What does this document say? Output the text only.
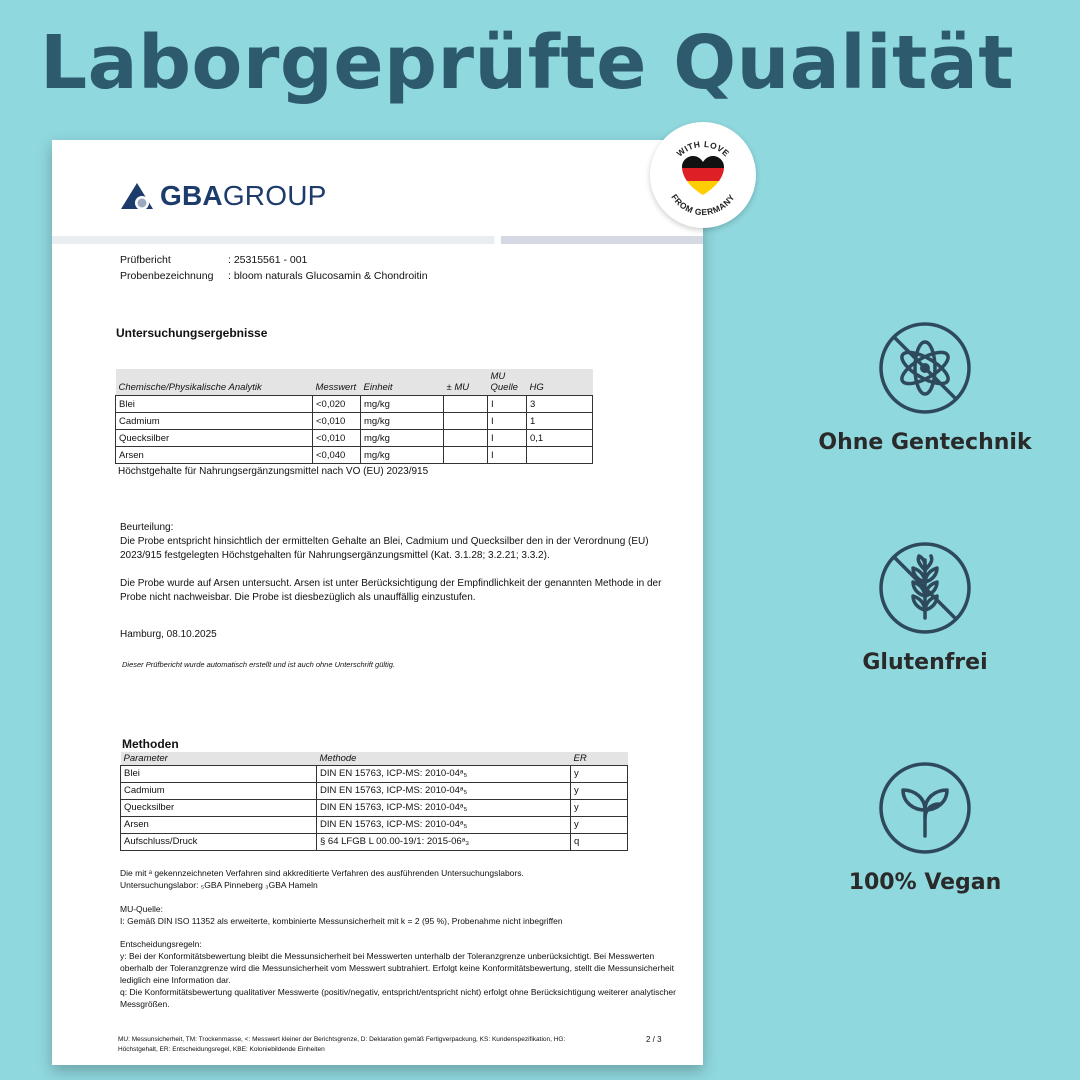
Laborgeprüfte Qualität
GBAGROUP
Prüfbericht	: 25315561 - 001
Probenbezeichnung	: bloom naturals Glucosamin & Chondroitin
Untersuchungsergebnisse
Chemische/Physikalische Analytik	Messwert	Einheit	± MU	MU Quelle	HG
Blei	<0,020	mg/kg		I	3
Cadmium	<0,010	mg/kg		I	1
Quecksilber	<0,010	mg/kg		I	0,1
Arsen	<0,040	mg/kg		I	
Höchstgehalte für Nahrungsergänzungsmittel nach VO (EU) 2023/915
Beurteilung:
Die Probe entspricht hinsichtlich der ermittelten Gehalte an Blei, Cadmium und Quecksilber den in der Verordnung (EU) 2023/915 festgelegten Höchstgehalten für Nahrungsergänzungsmittel (Kat. 3.1.28; 3.2.21; 3.3.2).
Die Probe wurde auf Arsen untersucht. Arsen ist unter Berücksichtigung der Empfindlichkeit der genannten Methode in der Probe nicht nachweisbar. Die Probe ist diesbezüglich als unauffällig einzustufen.
Hamburg, 08.10.2025
Dieser Prüfbericht wurde automatisch erstellt und ist auch ohne Unterschrift gültig.
Methoden
Parameter	Methode	ER
Blei	DIN EN 15763, ICP-MS: 2010-04ᵃ₅	y
Cadmium	DIN EN 15763, ICP-MS: 2010-04ᵃ₅	y
Quecksilber	DIN EN 15763, ICP-MS: 2010-04ᵃ₅	y
Arsen	DIN EN 15763, ICP-MS: 2010-04ᵃ₅	y
Aufschluss/Druck	§ 64 LFGB L 00.00-19/1: 2015-06ᵃ₃	q
Die mit ᵃ gekennzeichneten Verfahren sind akkreditierte Verfahren des ausführenden Untersuchungslabors.
Untersuchungslabor: ₅GBA Pinneberg ₃GBA Hameln
MU-Quelle:
I: Gemäß DIN ISO 11352 als erweiterte, kombinierte Messunsicherheit mit k = 2 (95 %), Probenahme nicht inbegriffen
Entscheidungsregeln:
y: Bei der Konformitätsbewertung bleibt die Messunsicherheit bei Messwerten unterhalb der Toleranzgrenze unberücksichtigt. Bei Messwerten oberhalb der Toleranzgrenze wird die Messunsicherheit vom Messwert subtrahiert. Erfolgt keine Konformitätsbewertung, stellt die Messunsicherheit lediglich eine Information dar.
q: Die Konformitätsbewertung qualitativer Messwerte (positiv/negativ, entspricht/entspricht nicht) erfolgt ohne Berücksichtigung weiterer analytischer Messgrößen.
MU: Messunsicherheit, TM: Trockenmasse, <: Messwert kleiner der Berichtsgrenze, D: Deklaration gemäß Fertigverpackung, KS: Kundenspezifikation, HG: Höchstgehalt, ER: Entscheidungsregel, KBE: Koloniebildende Einheiten
2 / 3
WITH LOVE
FROM GERMANY
Ohne Gentechnik
Glutenfrei
100% Vegan
